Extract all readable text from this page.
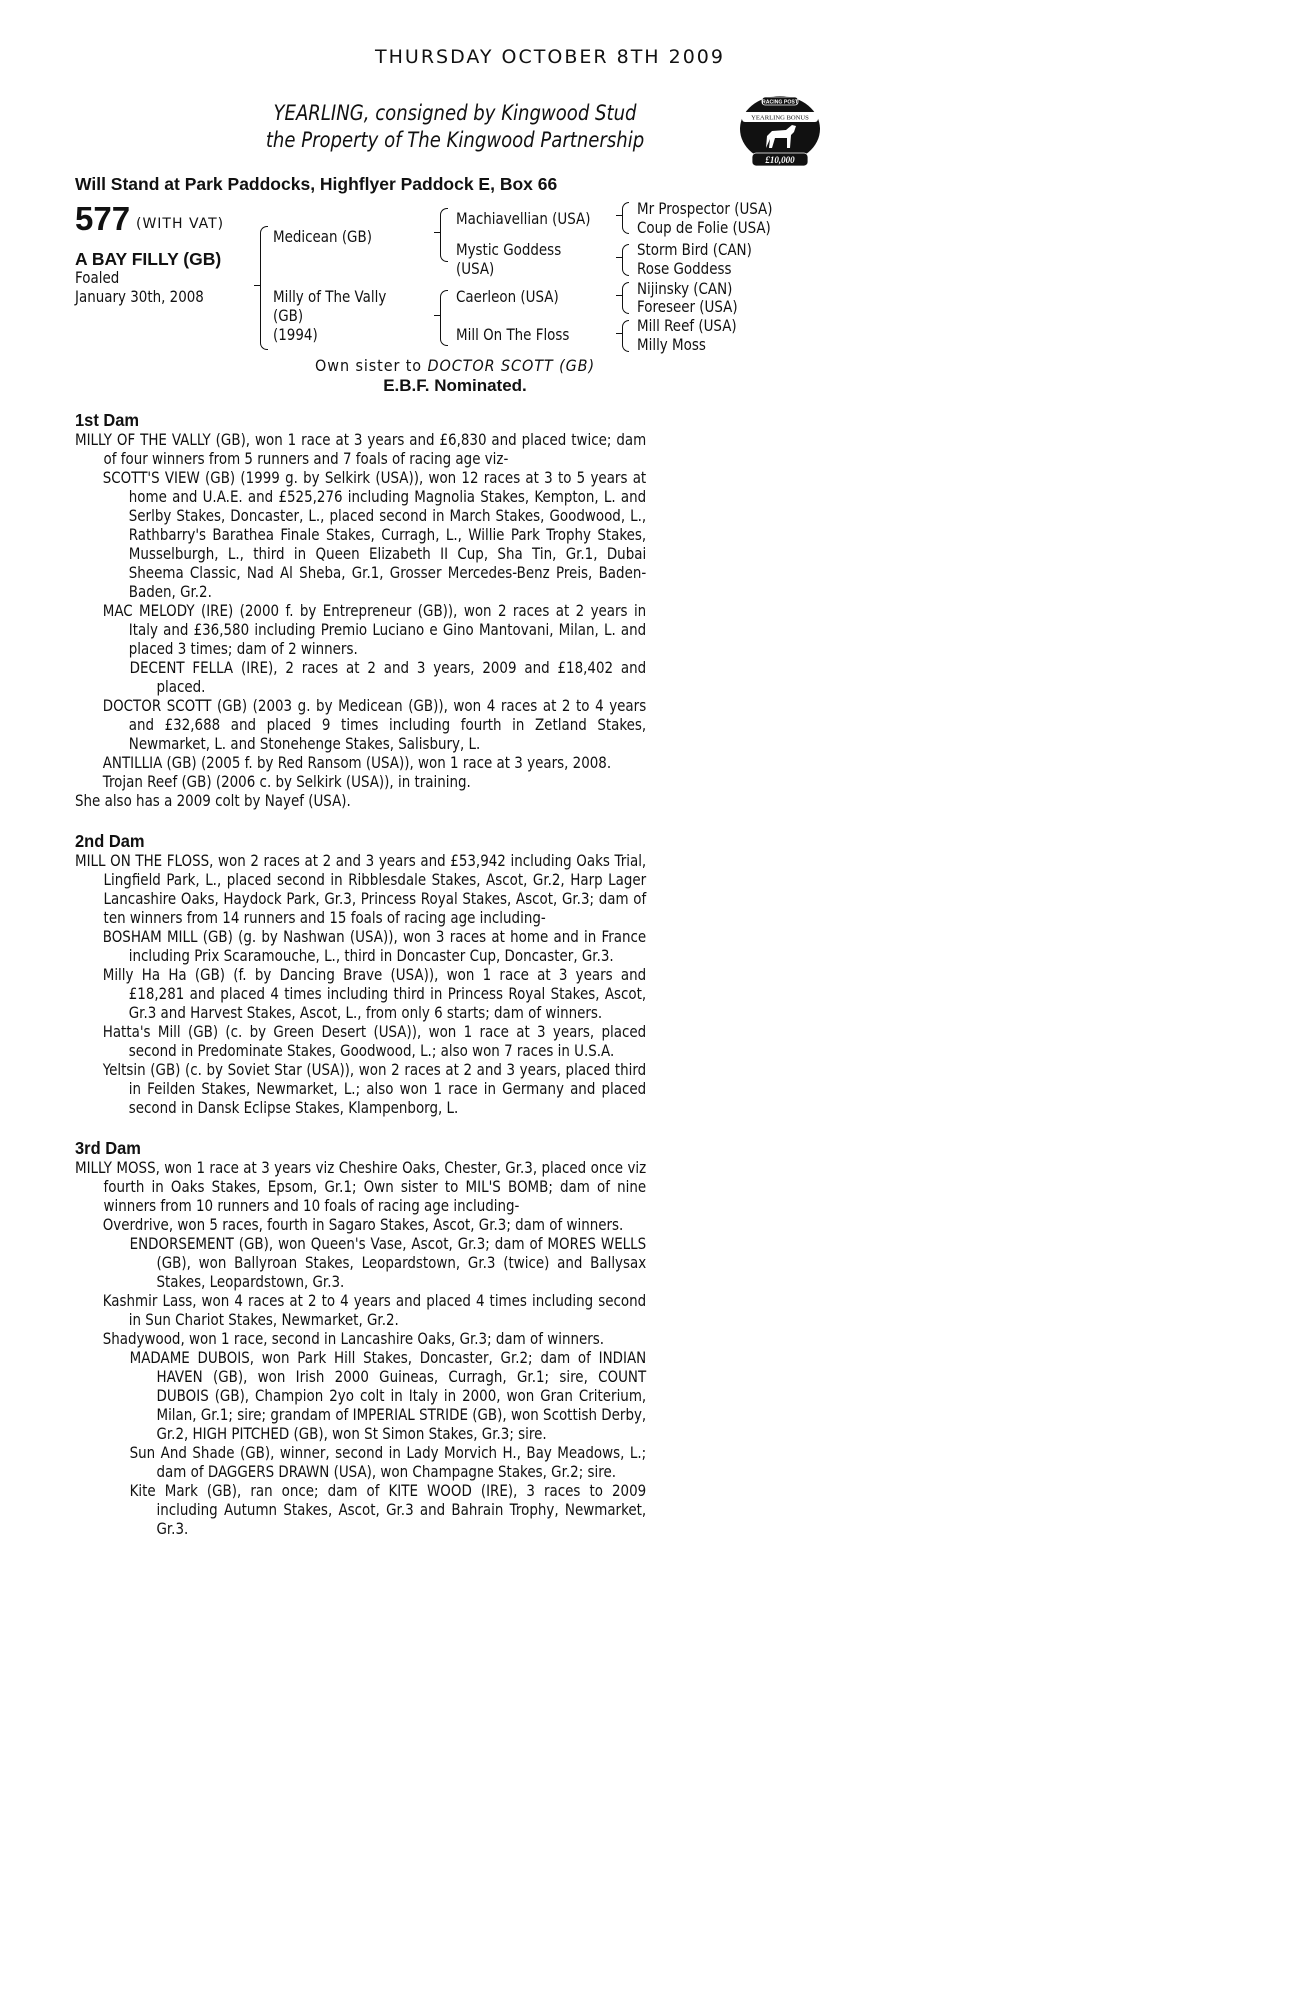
THURSDAY OCTOBER 8TH 2009
YEARLING, consigned by Kingwood Stud
the Property of The Kingwood Partnership
RACING POST
YEARLING BONUS
£10,000
Will Stand at Park Paddocks, Highflyer Paddock E, Box 66
577 (WITH VAT)
A BAY FILLY (GB)
Foaled
January 30th, 2008
Medicean (GB)
Milly of The Vally
(GB)
(1994)
Machiavellian (USA)
Mystic Goddess
(USA)
Caerleon (USA)
Mill On The Floss
Mr Prospector (USA)
Coup de Folie (USA)
Storm Bird (CAN)
Rose Goddess
Nijinsky (CAN)
Foreseer (USA)
Mill Reef (USA)
Milly Moss
Own sister to DOCTOR SCOTT (GB)
E.B.F. Nominated.

1st Dam

MILLY OF THE VALLY (GB), won 1 race at 3 years and £6,830 and placed twice; dam of four winners from 5 runners and 7 foals of racing age viz-

SCOTT'S VIEW (GB) (1999 g. by Selkirk (USA)), won 12 races at 3 to 5 years at home and U.A.E. and £525,276 including Magnolia Stakes, Kempton, L. and Serlby Stakes, Doncaster, L., placed second in March Stakes, Goodwood, L., Rathbarry's Barathea Finale Stakes, Curragh, L., Willie Park Trophy Stakes, Musselburgh, L., third in Queen Elizabeth II Cup, Sha Tin, Gr.1, Dubai Sheema Classic, Nad Al Sheba, Gr.1, Grosser Mercedes-Benz Preis, Baden-Baden, Gr.2.

MAC MELODY (IRE) (2000 f. by Entrepreneur (GB)), won 2 races at 2 years in Italy and £36,580 including Premio Luciano e Gino Mantovani, Milan, L. and placed 3 times; dam of 2 winners.

DECENT FELLA (IRE), 2 races at 2 and 3 years, 2009 and £18,402 and placed.

DOCTOR SCOTT (GB) (2003 g. by Medicean (GB)), won 4 races at 2 to 4 years and £32,688 and placed 9 times including fourth in Zetland Stakes, Newmarket, L. and Stonehenge Stakes, Salisbury, L.

ANTILLIA (GB) (2005 f. by Red Ransom (USA)), won 1 race at 3 years, 2008.

Trojan Reef (GB) (2006 c. by Selkirk (USA)), in training.

She also has a 2009 colt by Nayef (USA).

2nd Dam

MILL ON THE FLOSS, won 2 races at 2 and 3 years and £53,942 including Oaks Trial, Lingfield Park, L., placed second in Ribblesdale Stakes, Ascot, Gr.2, Harp Lager Lancashire Oaks, Haydock Park, Gr.3, Princess Royal Stakes, Ascot, Gr.3; dam of ten winners from 14 runners and 15 foals of racing age including-

BOSHAM MILL (GB) (g. by Nashwan (USA)), won 3 races at home and in France including Prix Scaramouche, L., third in Doncaster Cup, Doncaster, Gr.3.

Milly Ha Ha (GB) (f. by Dancing Brave (USA)), won 1 race at 3 years and £18,281 and placed 4 times including third in Princess Royal Stakes, Ascot, Gr.3 and Harvest Stakes, Ascot, L., from only 6 starts; dam of winners.

Hatta's Mill (GB) (c. by Green Desert (USA)), won 1 race at 3 years, placed second in Predominate Stakes, Goodwood, L.; also won 7 races in U.S.A.

Yeltsin (GB) (c. by Soviet Star (USA)), won 2 races at 2 and 3 years, placed third in Feilden Stakes, Newmarket, L.; also won 1 race in Germany and placed second in Dansk Eclipse Stakes, Klampenborg, L.

3rd Dam

MILLY MOSS, won 1 race at 3 years viz Cheshire Oaks, Chester, Gr.3, placed once viz fourth in Oaks Stakes, Epsom, Gr.1; Own sister to MIL'S BOMB; dam of nine winners from 10 runners and 10 foals of racing age including-

Overdrive, won 5 races, fourth in Sagaro Stakes, Ascot, Gr.3; dam of winners.

ENDORSEMENT (GB), won Queen's Vase, Ascot, Gr.3; dam of MORES WELLS (GB), won Ballyroan Stakes, Leopardstown, Gr.3 (twice) and Ballysax Stakes, Leopardstown, Gr.3.

Kashmir Lass, won 4 races at 2 to 4 years and placed 4 times including second in Sun Chariot Stakes, Newmarket, Gr.2.

Shadywood, won 1 race, second in Lancashire Oaks, Gr.3; dam of winners.

MADAME DUBOIS, won Park Hill Stakes, Doncaster, Gr.2; dam of INDIAN HAVEN (GB), won Irish 2000 Guineas, Curragh, Gr.1; sire, COUNT DUBOIS (GB), Champion 2yo colt in Italy in 2000, won Gran Criterium, Milan, Gr.1; sire; grandam of IMPERIAL STRIDE (GB), won Scottish Derby, Gr.2, HIGH PITCHED (GB), won St Simon Stakes, Gr.3; sire.

Sun And Shade (GB), winner, second in Lady Morvich H., Bay Meadows, L.; dam of DAGGERS DRAWN (USA), won Champagne Stakes, Gr.2; sire.

Kite Mark (GB), ran once; dam of KITE WOOD (IRE), 3 races to 2009 including Autumn Stakes, Ascot, Gr.3 and Bahrain Trophy, Newmarket, Gr.3.
